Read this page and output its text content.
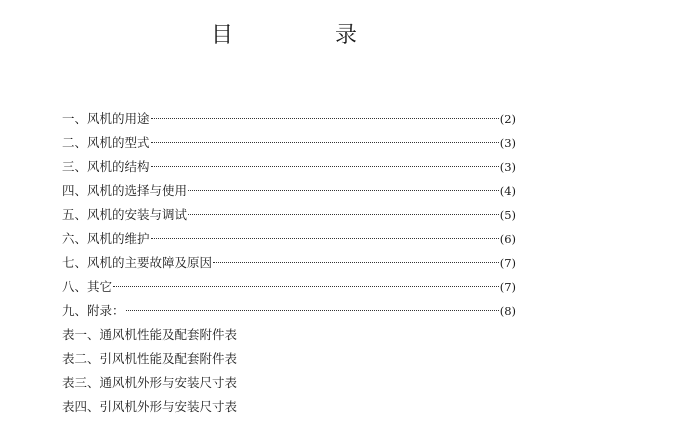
目　录
一、风机的用途	(2)
二、风机的型式	(3)
三、风机的结构	(3)
四、风机的选择与使用	(4)
五、风机的安装与调试	(5)
六、风机的维护	(6)
七、风机的主要故障及原因	(7)
八、其它	(7)
九、附录：	(8)
表一、通风机性能及配套附件表
表二、引风机性能及配套附件表
表三、通风机外形与安装尺寸表
表四、引风机外形与安装尺寸表
